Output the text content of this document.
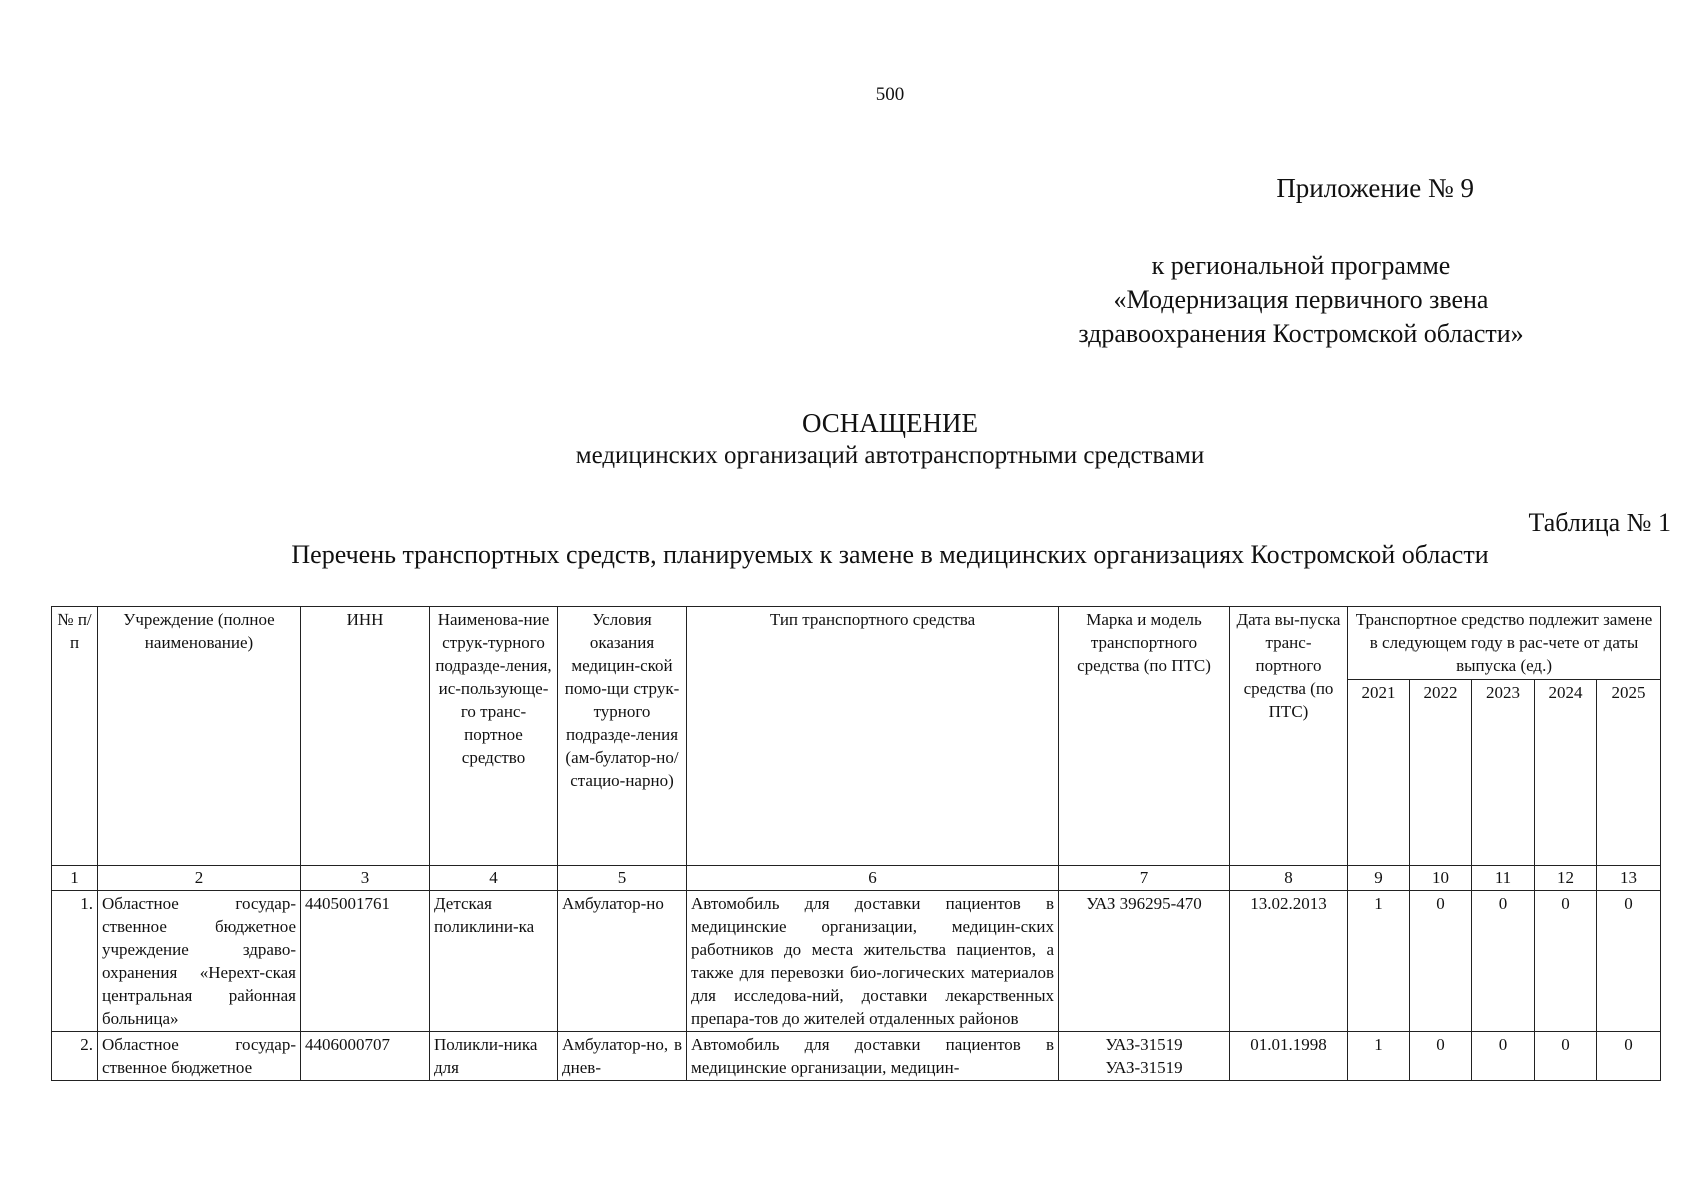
500
Приложение № 9
к региональной программе
«Модернизация первичного звена
здравоохранения Костромской области»
ОСНАЩЕНИЕ
медицинских организаций автотранспортными средствами
Таблица № 1
Перечень транспортных средств, планируемых к замене в медицинских организациях Костромской области
№ п/п	Учреждение (полное наименование)	ИНН	Наименова-ние струк-турного подразде-ления, ис-пользующе-го транс-портное средство	Условия оказания медицин-ской помо-щи струк-турного подразде-ления (ам-булатор-но/стацио-нарно)	Тип транспортного средства	Марка и модель транспортного средства (по ПТС)	Дата вы-пуска транс-портного средства (по ПТС)	Транспортное средство подлежит замене в следующем году в рас-чете от даты выпуска (ед.)				
								2021	2022	2023	2024	2025
1	2	3	4	5	6	7	8	9	10	11	12	13
1.	Областное государ-ственное бюджетное учреждение здраво-охранения «Нерехт-ская центральная районная больница»	4405001761	Детская поликлини-ка	Амбулатор-но	Автомобиль для доставки пациентов в медицинские организации, медицин-ских работников до места жительства пациентов, а также для перевозки био-логических материалов для исследова-ний, доставки лекарственных препара-тов до жителей отдаленных районов	УАЗ 396295-470	13.02.2013	1	0	0	0	0
2.	Областное государ-ственное бюджетное	4406000707	Поликли-ника для	Амбулатор-но, в днев-	Автомобиль для доставки пациентов в медицинские организации, медицин-	УАЗ-31519
УАЗ-31519	01.01.1998	1	0	0	0	0
